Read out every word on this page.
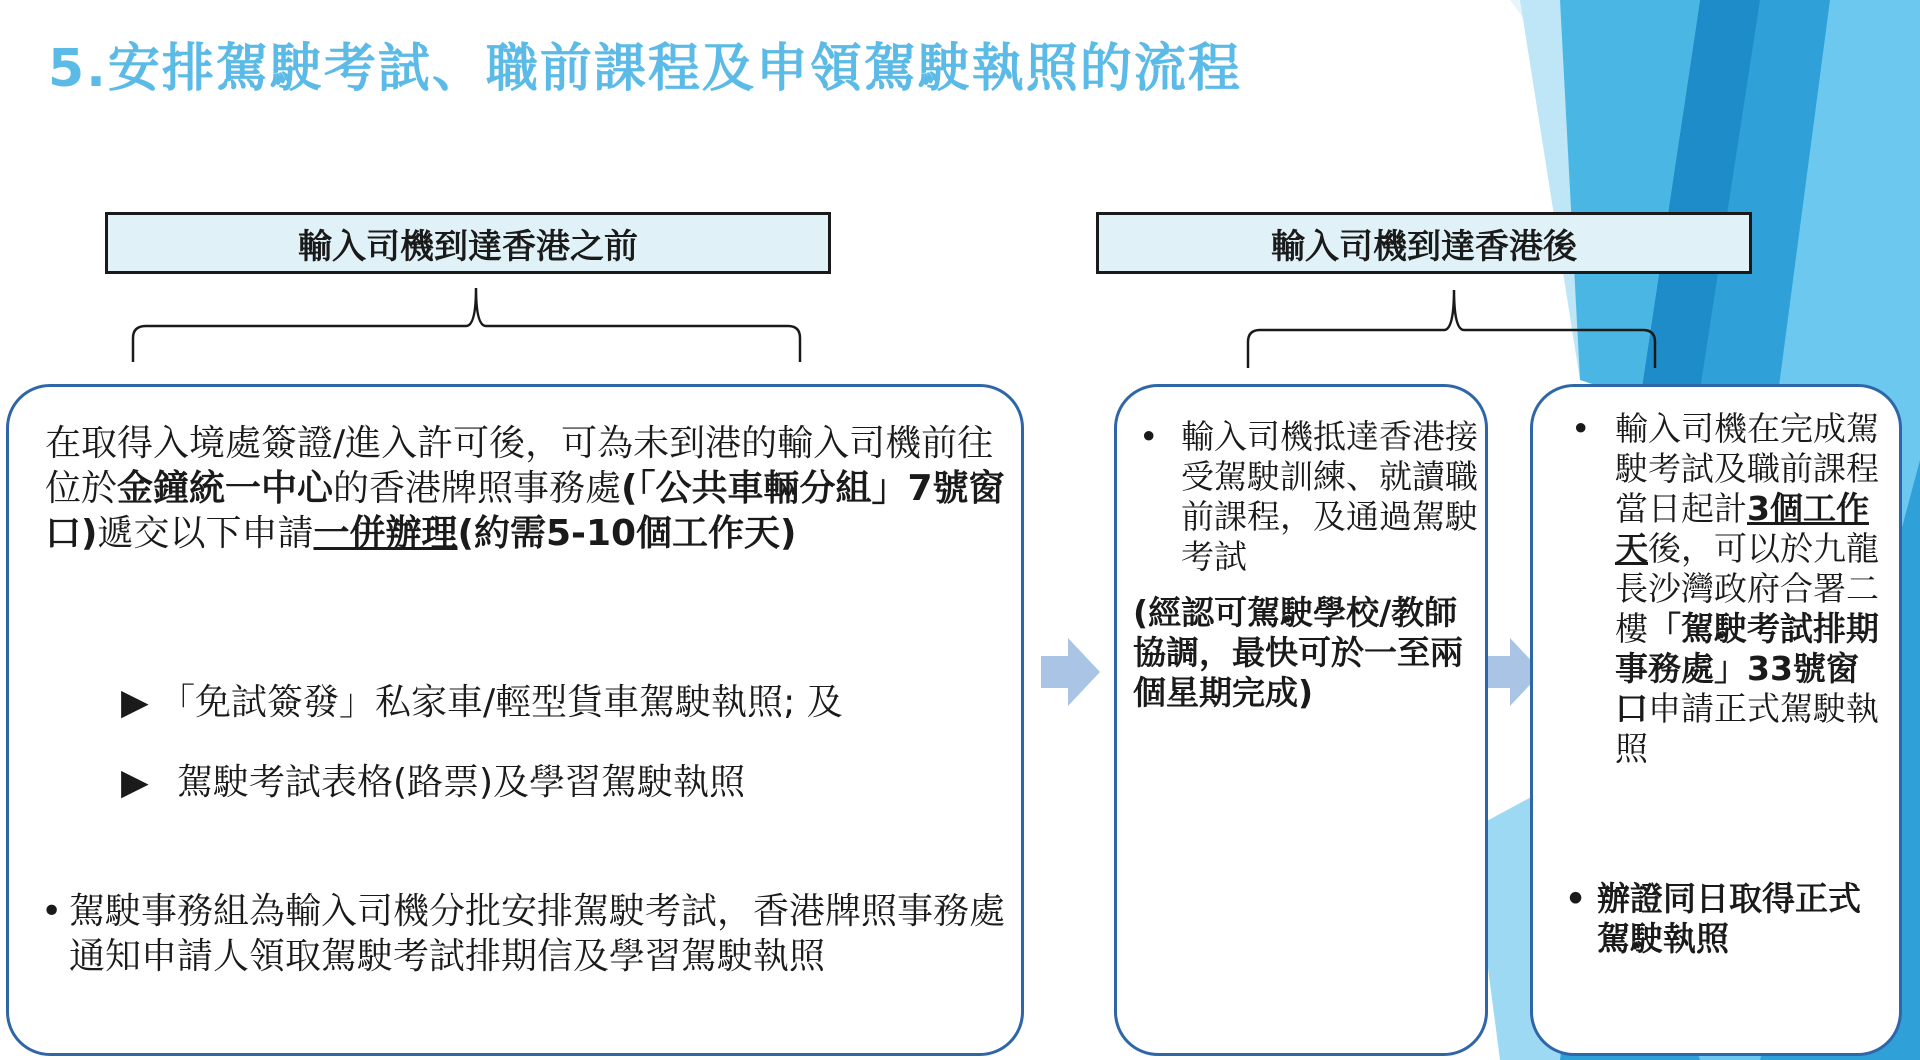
5.安排駕駛考試、職前課程及申領駕駛執照的流程
輸入司機到達香港之前	輸入司機到達香港後
在取得入境處簽證/進入許可後，可為未到港的輸入司機前往位於金鐘統一中心的香港牌照事務處(「公共車輛分組」7號窗口)遞交以下申請一併辦理(約需5-10個工作天)
▶ 「免試簽發」私家車/輕型貨車駕駛執照; 及
▶ 駕駛考試表格(路票)及學習駕駛執照
• 駕駛事務組為輸入司機分批安排駕駛考試，香港牌照事務處通知申請人領取駕駛考試排期信及學習駕駛執照
• 輸入司機抵達香港接受駕駛訓練、就讀職前課程，及通過駕駛考試
(經認可駕駛學校/教師協調，最快可於一至兩個星期完成)
• 輸入司機在完成駕駛考試及職前課程當日起計3個工作天後，可以於九龍長沙灣政府合署二樓「駕駛考試排期事務處」33號窗口申請正式駕駛執照
• 辦證同日取得正式駕駛執照
